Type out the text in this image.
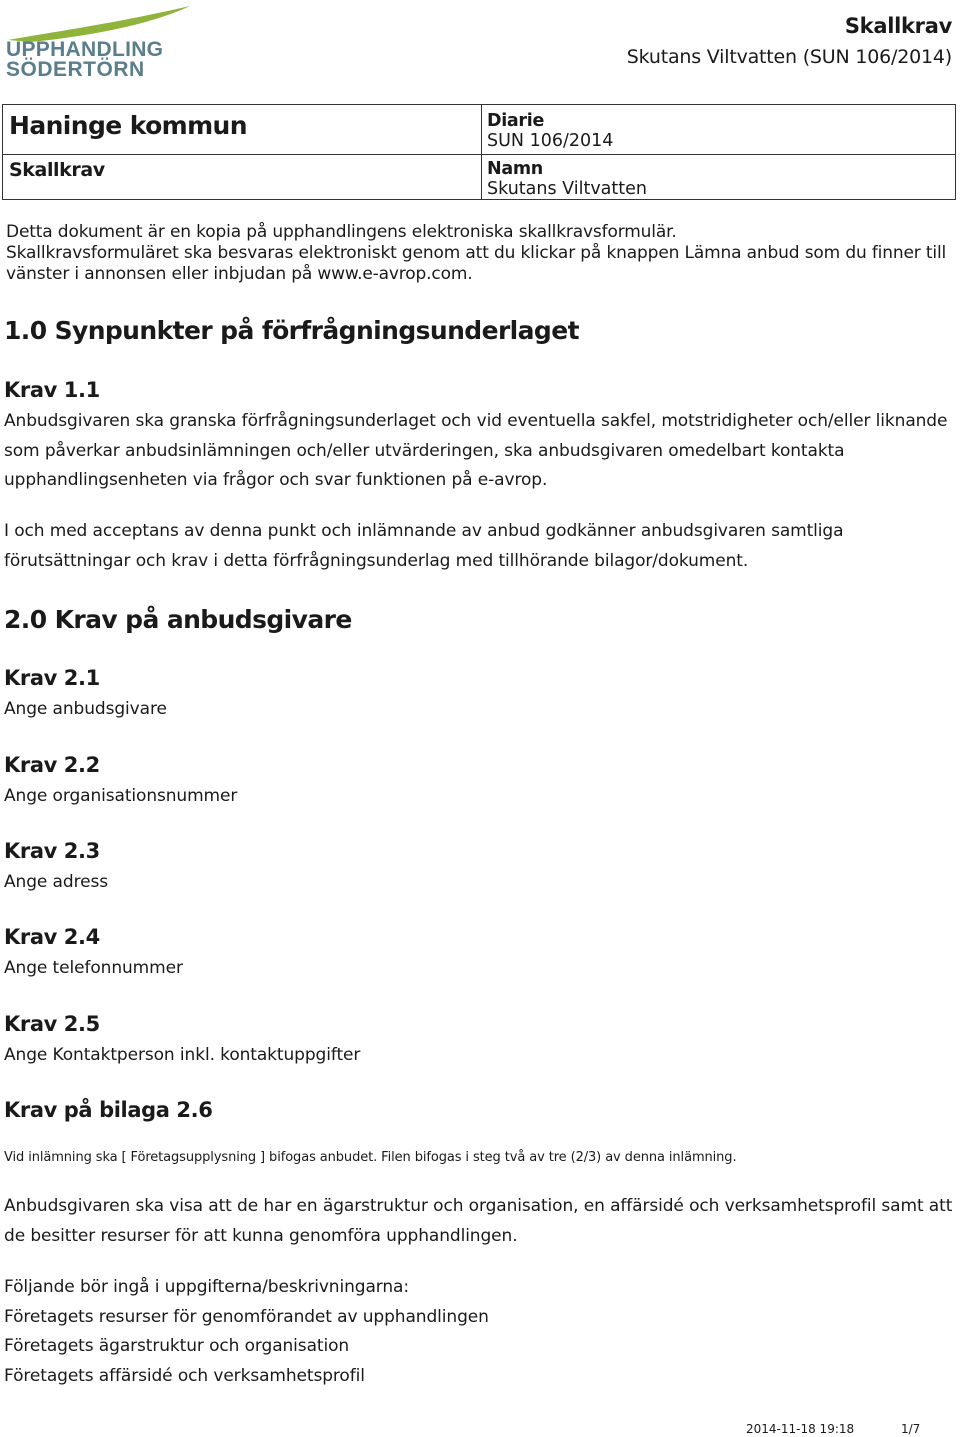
UPPHANDLING
SÖDERTÖRN
Skallkrav
Skutans Viltvatten (SUN 106/2014)
Haninge kommun
Skallkrav
Diarie
SUN 106/2014
Namn
Skutans Viltvatten
Detta dokument är en kopia på upphandlingens elektroniska skallkravsformulär.
Skallkravsformuläret ska besvaras elektroniskt genom att du klickar på knappen Lämna anbud som du finner till vänster i annonsen eller inbjudan på www.e-avrop.com.
1.0 Synpunkter på förfrågningsunderlaget
Krav 1.1
Anbudsgivaren ska granska förfrågningsunderlaget och vid eventuella sakfel, motstridigheter och/eller liknande som påverkar anbudsinlämningen och/eller utvärderingen, ska anbudsgivaren omedelbart kontakta upphandlingsenheten via frågor och svar funktionen på e-avrop.
I och med acceptans av denna punkt och inlämnande av anbud godkänner anbudsgivaren samtliga förutsättningar och krav i detta förfrågningsunderlag med tillhörande bilagor/dokument.
2.0 Krav på anbudsgivare
Krav 2.1
Ange anbudsgivare
Krav 2.2
Ange organisationsnummer
Krav 2.3
Ange adress
Krav 2.4
Ange telefonnummer
Krav 2.5
Ange Kontaktperson inkl. kontaktuppgifter
Krav på bilaga 2.6
Vid inlämning ska [ Företagsupplysning ] bifogas anbudet. Filen bifogas i steg två av tre (2/3) av denna inlämning.
Anbudsgivaren ska visa att de har en ägarstruktur och organisation, en affärsidé och verksamhetsprofil samt att de besitter resurser för att kunna genomföra upphandlingen.
Följande bör ingå i uppgifterna/beskrivningarna:
Företagets resurser för genomförandet av upphandlingen
Företagets ägarstruktur och organisation
Företagets affärsidé och verksamhetsprofil
2014-11-18 19:18	1/7
